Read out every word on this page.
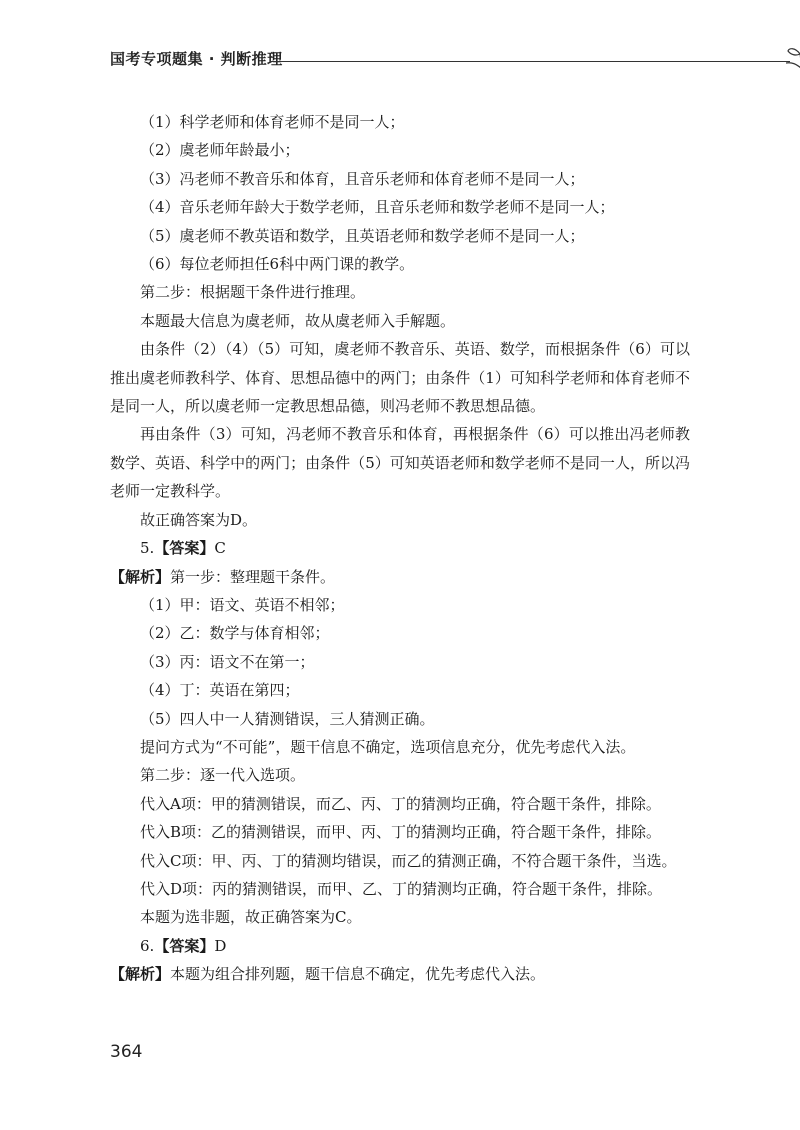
国考专项题集 · 判断推理
（1）科学老师和体育老师不是同一人；
（2）虞老师年龄最小；
（3）冯老师不教音乐和体育，且音乐老师和体育老师不是同一人；
（4）音乐老师年龄大于数学老师，且音乐老师和数学老师不是同一人；
（5）虞老师不教英语和数学，且英语老师和数学老师不是同一人；
（6）每位老师担任6科中两门课的教学。
第二步：根据题干条件进行推理。
本题最大信息为虞老师，故从虞老师入手解题。
由条件（2）（4）（5）可知，虞老师不教音乐、英语、数学，而根据条件（6）可以推出虞老师教科学、体育、思想品德中的两门；由条件（1）可知科学老师和体育老师不是同一人，所以虞老师一定教思想品德，则冯老师不教思想品德。
再由条件（3）可知，冯老师不教音乐和体育，再根据条件（6）可以推出冯老师教数学、英语、科学中的两门；由条件（5）可知英语老师和数学老师不是同一人，所以冯老师一定教科学。
故正确答案为D。
5.【答案】C
【解析】第一步：整理题干条件。
（1）甲：语文、英语不相邻；
（2）乙：数学与体育相邻；
（3）丙：语文不在第一；
（4）丁：英语在第四；
（5）四人中一人猜测错误，三人猜测正确。
提问方式为“不可能”，题干信息不确定，选项信息充分，优先考虑代入法。
第二步：逐一代入选项。
代入A项：甲的猜测错误，而乙、丙、丁的猜测均正确，符合题干条件，排除。
代入B项：乙的猜测错误，而甲、丙、丁的猜测均正确，符合题干条件，排除。
代入C项：甲、丙、丁的猜测均错误，而乙的猜测正确，不符合题干条件，当选。
代入D项：丙的猜测错误，而甲、乙、丁的猜测均正确，符合题干条件，排除。
本题为选非题，故正确答案为C。
6.【答案】D
【解析】本题为组合排列题，题干信息不确定，优先考虑代入法。
364
